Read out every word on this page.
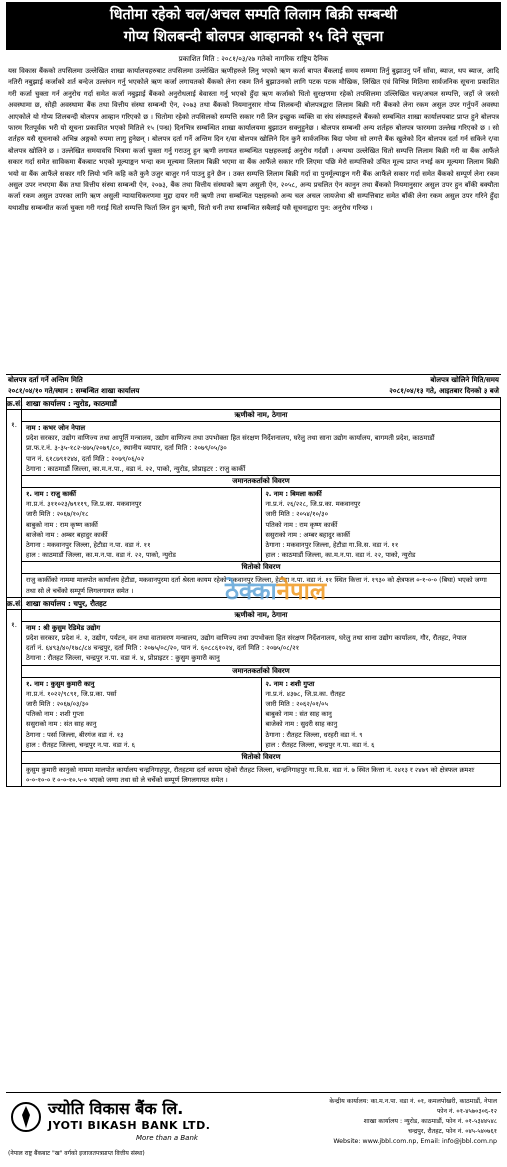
धितोमा रहेको चल/अचल सम्पति लिलाम बिक्री सम्बन्धी
गोप्य शिलबन्दी बोलपत्र आव्हानको १५ दिने सूचना
प्रकाशित मिति : २०८१/०३/२७ गतेको नागरिक राष्ट्रिय दैनिक
यस विकास बैंकको तपसिलमा उल्लेखित शाखा कार्यालयहरुबाट तपसिलमा उल्लेखित ऋणीहरुले लिनु भएको ऋण कर्जा बापत बैंकलाई समय सम्ममा तिर्नु बुझाउनु पर्ने साँवा, ब्याज, थप ब्याज, आदि नतिरी नबुझाई कर्जाको शर्त बन्देज उल्लंघन गर्नु भएकोले ऋण कर्जा लगायतको बैंकको लेना रकम तिर्न बुझाउनको लागि पटक पटक मौखिक, लिखित एवं विभिन्न मितिमा सार्वजनिक सूचना प्रकाशित गरी कर्जा चुक्ता गर्न अनुरोध गर्दा समेत कर्जा नबुझाई बैंकको अनुरोधलाई बेवास्ता गर्नु भएको हुँदा ऋण कर्जाको धितो सुरक्षणमा रहेको तपसिलमा उल्लिखित चल/अचल सम्पत्ति, जहाँ जे जस्तो अवस्थामा छ, सोही अवस्थामा बैंक तथा वित्तीय संस्था सम्बन्धी ऐन, २०७३ तथा बैंकको नियमानुसार गोप्य शिलबन्दी बोलपत्रद्वारा लिलाम बिक्री गरी बैंकको लेना रकम असुल उपर गर्नुपर्ने अवस्था आएकोले यो गोप्य शिलबन्दी बोलपत्र आव्हान गरिएको छ । धितोमा रहेको तपसिलको सम्पत्ति सकार गरी लिन इच्छुक व्यक्ति वा संघ संस्थाहरुले बैंकको सम्बन्धित शाखा कार्यालयबाट प्राप्त हुने बोलपत्र फारम रितपूर्वक भरी यो सूचना प्रकाशित भएको मितिले १५ (पन्ध्र) दिनभित्र सम्बन्धित शाखा कार्यालयमा बुझाउन सक्नुहुनेछ । बोलपत्र सम्बन्धी अन्य शर्तहरु बोलपत्र फारममा उल्लेख गरिएको छ । सो शर्तहरु यसै सूचनाको अभिन्न अङ्गको रुपमा लागु हुनेछन् । बोलपत्र दर्ता गर्ने अन्तिम दिन र/वा बोलपत्र खोलिने दिन कुनै सार्वजनिक बिदा परेमा सो लगत्तै बैंक खुलेको दिन बोलपत्र दर्ता गर्न सकिने र/वा बोलपत्र खोलिने छ । उल्लेखित समयावधि भित्रमा कर्जा चुक्ता गर्नु गराउनु हुन ऋणी लगायत सम्बन्धित पक्षहरुलाई अनुरोध गर्दछौं । अन्यथा उल्लेखित धितो सम्पत्ति लिलाम बिक्री गरी वा बैंक आफैंले सकार गर्दा समेत साविकमा बैंकबाट भएको मूल्याङ्कन भन्दा कम मूल्यमा लिलाम बिक्री भएमा वा बैंक आफैंले सकार गरि लिएमा पछि मेरो सम्पत्तिको उचित मूल्य प्राप्त नभई कम मूल्यमा लिलाम बिक्री भयो वा बैंक आफैंले सकार गरि लियो भनि कहि कतै कुनै उजुर बाजुर गर्न पाउनु हुने छैन । उक्त सम्पत्ति लिलाम बिक्री गर्दा वा पुनर्मूल्याङ्कन गरी बैंक आफैंले सकार गर्दा समेत बैंकको सम्पूर्ण लेना रकम असुल उपर नभएमा बैंक तथा वित्तीय संस्था सम्बन्धी ऐन, २०७३, बैंक तथा वित्तीय संस्थाको ऋण असुली ऐन, २०५८, अन्य प्रचलित ऐन कानुन तथा बैंकको नियमानुसार असुल उपर हुन बाँकी बक्यौता कर्जा रकम असुल उपरका लागि ऋण असुली न्यायाधिकरणमा मुद्दा दायर गरी ऋणी तथा सम्बन्धित पक्षहरुको अन्य चल अचल जायजेथा श्री सम्पत्तिबाट समेत बाँकी लेना रकम असुल उपर गरिने हुँदा यथाशीघ्र सम्बन्धीत कर्जा चुक्ता गरी गराई धितो सम्पत्ति फिर्ता लिन हुन ऋणी, धितो धनी तथा सम्बन्धित सबैलाई यसै सूचनाद्वारा पुन: अनुरोध गरिन्छ ।
बोलपत्र दर्ता गर्ने अन्तिम मिति	बोलपत्र खोलिने मिति/समय
२०८१/०४/१० गते/स्थान : सम्बन्धित शाखा कार्यालय	२०८१/०४/१३ गते, आइतबार दिनको ३ बजे
क्र.सं. शाखा कार्यालय : न्युरोड, काठमाडौं
१.
ऋणीको नाम, ठेगाना
नाम : कभर जोन नेपाल
प्रदेश सरकार, उद्योग वाणिज्य तथा आपूर्ति मन्त्रालय, उद्योग वाणिज्य तथा उपभोक्ता हित संरक्षण निर्देशनालय, घरेलु तथा साना उद्योग कार्यालय, बागमती प्रदेश, काठमाडौं
प्रा.फ.र.नं. ३-३५-१८२-४७५/२०७९/८०, स्थानीय व्यापार, दर्ता मिति : २०७९/०५/३०
पान नं. ६१८७९१२४४, दर्ता मिति : २०७९/०६/०२
ठेगाना : काठमाडौं जिल्ला, का.म.न.पा., वडा नं. २२, पाको, न्युरोड, प्रोप्राइटर : राजु कार्की
जमानतकर्ताको विवरण
१. नाम : राजु कार्की
ना.प्र.नं. ३११०२३/७९११९, जि.प्र.का. मकवानपुर
जारी मिति : २०६७/१०/१८
बाबुको नाम : राम कृष्ण कार्की
बाजेको नाम : अम्बर बहादुर कार्की
ठेगाना : मकवानपुर जिल्ला, हेटौडा न.पा. वडा नं. ११
हाल : काठमाडौं जिल्ला, का.म.न.पा. वडा नं. २२, पाको, न्युरोड
२. नाम : बिमला कार्की
ना.प्र.नं. २६/२२८, जि.प्र.का. मकवानपुर
जारी मिति : २०५४/१०/३०
पतिको नाम : राम कृष्ण कार्की
ससुराको नाम : अम्बर बहादुर कार्की
ठेगाना : मकवानपुर जिल्ला, हेटौडा गा.वि.स. वडा नं. ११
हाल : काठमाडौं जिल्ला, का.म.न.पा. वडा नं. २२, पाको, न्युरोड
धितोको विवरण
राजु कार्कीको नाममा मालपोत कार्यालय हेटौडा, मकवानपुरमा दर्ता श्रेस्ता कायम रहेको मकवानपुर जिल्ला, हेटौडा न.पा. वडा नं. ११ स्थित कित्ता नं. १९३० को क्षेत्रफल ०-१-०-० (बिघा) भएको जग्गा तथा सो ले चर्चेको सम्पूर्ण लिगलगायत समेत ।
क्र.सं. शाखा कार्यालय : चपुर, रौतहट
१.
ऋणीको नाम, ठेगाना
नाम : श्री कुसुम रेडिमेड उद्योग
प्रदेश सरकार, प्रदेश नं. २, उद्योग, पर्यटन, वन तथा वातावरण मन्त्रालय, उद्योग वाणिज्य तथा उपभोक्ता हित संरक्षण निर्देशनालय, घरेलु तथा साना उद्योग कार्यालय, गौर, रौतहट, नेपाल
दर्ता नं. ६४९३/४०/१७८/८४ चन्द्रपुर, दर्ता मिति : २०७५/०८/२०, पान नं. ६०८८६१०२४, दर्ता मिति : २०७५/०८/२१
ठेगाना : रौतहट जिल्ला, चन्द्रपुर न.पा. वडा नं. ४, प्रोप्राइटर : कुसुम कुमारी कानु
जमानतकर्ताको विवरण
१. नाम : कुसुम कुमारी कानु
ना.प्र.नं. १०२२/९८९१, जि.प्र.का. पर्सा
जारी मिति : २०६७/०३/३०
पतिको नाम : शशी गुप्ता
ससुराको नाम : संत साह कानु
ठेगाना : पर्सा जिल्ला, बीरगंज वडा नं. १३
हाल : रौतहट जिल्ला, चन्द्रपुर न.पा. वडा नं. ६
२. नाम : शशी गुप्ता
ना.प्र.नं. ४३७८, जि.प्र.का. रौतहट
जारी मिति : २०६२/०१/०५
बाबुको नाम : संत साह कानु
बाजेको नाम : सुदरी साह कानु
ठेगाना : रौतहट जिल्ला, धरहरी वडा नं. ९
हाल : रौतहट जिल्ला, चन्द्रपुर न.पा. वडा नं. ६
धितोको विवरण
कुसुम कुमारी कानुको नाममा मालपोत कार्यालय चन्द्रनिगाहपुर, रौतहटमा दर्ता कायम रहेको रौतहट जिल्ला, चन्द्रनिगाहपुर गा.वि.स. वडा नं. ७ स्थित कित्ता नं. २४१३ र २४७९ को क्षेत्रफल क्रमशः ०-०-१०-० र ०-०-१०.५-० भएको जग्गा तथा सो ले चर्चेको सम्पूर्ण लिगलगायत समेत ।
ठेक्कानेपाल
ज्योति विकास बैंक लि.
JYOTI BIKASH BANK LTD.
More than a Bank
(नेपाल राष्ट्र बैंकबाट "ख" वर्गको इजाजतपत्रप्राप्त वित्तीय संस्था)
केन्द्रीय कार्यालय: का.म.न.पा. वडा नं. ०१, कमलपोखरी, काठमाडौं, नेपाल
फोन नं. ०१-४५७०३०६-१२
शाखा कार्यालय : न्युरोड, काठमाडौं, फोन नं. ०१-५३४४५४८
चन्द्रपुर, रौतहट, फोन नं. ०४५-५४०७६१
Website: www.jbbl.com.np, Email: info@jbbl.com.np
